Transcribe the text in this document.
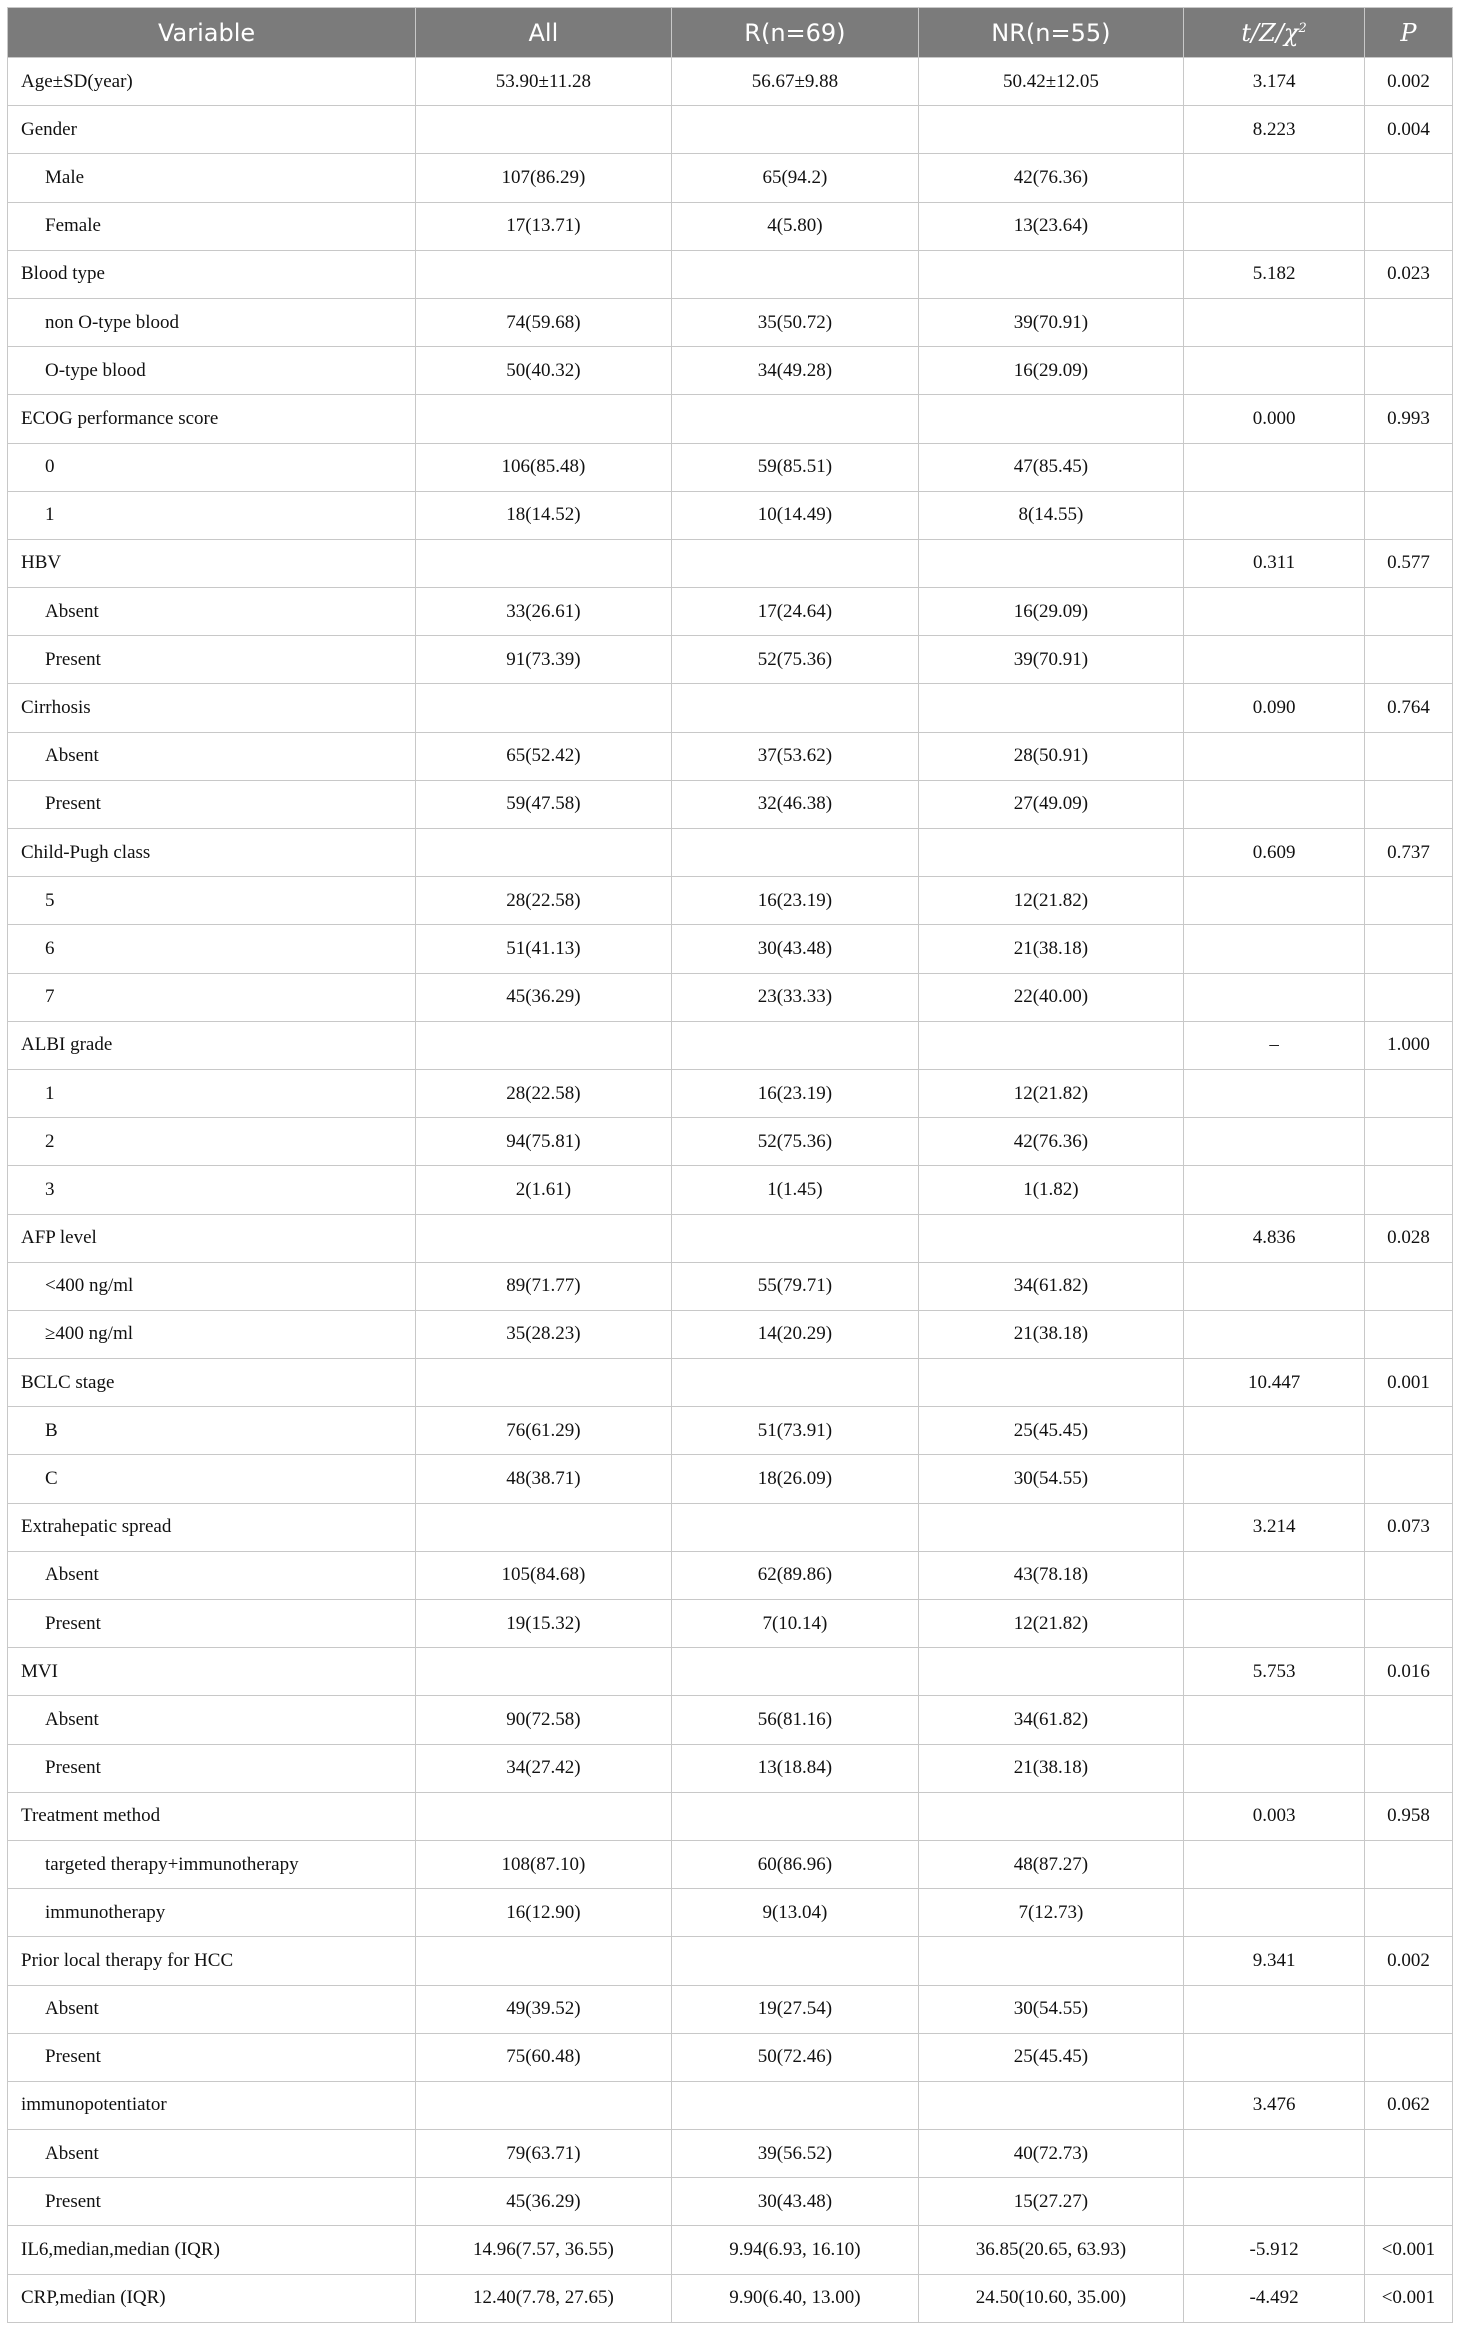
Variable	All	R(n=69)	NR(n=55)	$t/Z/\chi^2$	P
Age±SD(year)	53.90±11.28	56.67±9.88	50.42±12.05	3.174	0.002
Gender				8.223	0.004
Male	107(86.29)	65(94.2)	42(76.36)		
Female	17(13.71)	4(5.80)	13(23.64)		
Blood type				5.182	0.023
non O-type blood	74(59.68)	35(50.72)	39(70.91)		
O-type blood	50(40.32)	34(49.28)	16(29.09)		
ECOG performance score				0.000	0.993
0	106(85.48)	59(85.51)	47(85.45)		
1	18(14.52)	10(14.49)	8(14.55)		
HBV				0.311	0.577
Absent	33(26.61)	17(24.64)	16(29.09)		
Present	91(73.39)	52(75.36)	39(70.91)		
Cirrhosis				0.090	0.764
Absent	65(52.42)	37(53.62)	28(50.91)		
Present	59(47.58)	32(46.38)	27(49.09)		
Child-Pugh class				0.609	0.737
5	28(22.58)	16(23.19)	12(21.82)		
6	51(41.13)	30(43.48)	21(38.18)		
7	45(36.29)	23(33.33)	22(40.00)		
ALBI grade				–	1.000
1	28(22.58)	16(23.19)	12(21.82)		
2	94(75.81)	52(75.36)	42(76.36)		
3	2(1.61)	1(1.45)	1(1.82)		
AFP level				4.836	0.028
<400 ng/ml	89(71.77)	55(79.71)	34(61.82)		
≥400 ng/ml	35(28.23)	14(20.29)	21(38.18)		
BCLC stage				10.447	0.001
B	76(61.29)	51(73.91)	25(45.45)		
C	48(38.71)	18(26.09)	30(54.55)		
Extrahepatic spread				3.214	0.073
Absent	105(84.68)	62(89.86)	43(78.18)		
Present	19(15.32)	7(10.14)	12(21.82)		
MVI				5.753	0.016
Absent	90(72.58)	56(81.16)	34(61.82)		
Present	34(27.42)	13(18.84)	21(38.18)		
Treatment method				0.003	0.958
targeted therapy+immunotherapy	108(87.10)	60(86.96)	48(87.27)		
immunotherapy	16(12.90)	9(13.04)	7(12.73)		
Prior local therapy for HCC				9.341	0.002
Absent	49(39.52)	19(27.54)	30(54.55)		
Present	75(60.48)	50(72.46)	25(45.45)		
immunopotentiator				3.476	0.062
Absent	79(63.71)	39(56.52)	40(72.73)		
Present	45(36.29)	30(43.48)	15(27.27)		
IL6,median,median (IQR)	14.96(7.57, 36.55)	9.94(6.93, 16.10)	36.85(20.65, 63.93)	-5.912	<0.001
CRP,median (IQR)	12.40(7.78, 27.65)	9.90(6.40, 13.00)	24.50(10.60, 35.00)	-4.492	<0.001
